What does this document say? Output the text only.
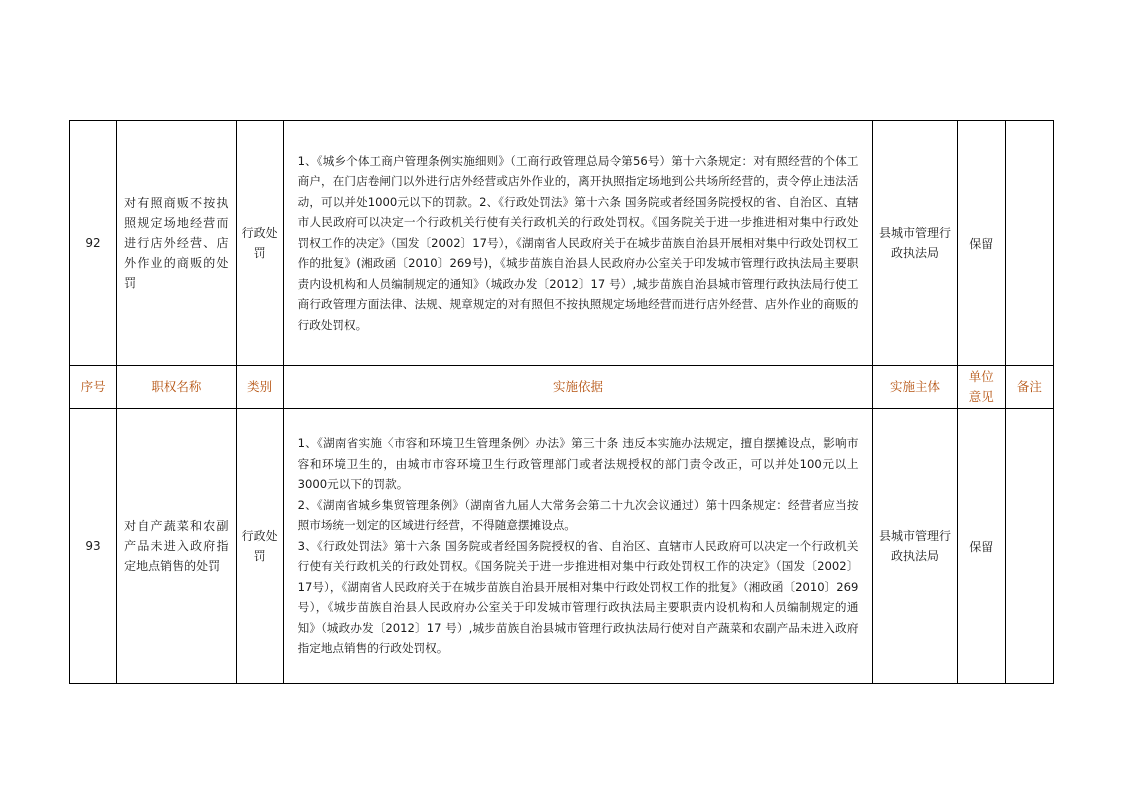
92	对有照商贩不按执照规定场地经营而进行店外经营、店外作业的商贩的处罚	行政处罚	1、《城乡个体工商户管理条例实施细则》（工商行政管理总局令第56号）第十六条规定：对有照经营的个体工商户，在门店卷闸门以外进行店外经营或店外作业的，离开执照指定场地到公共场所经营的，责令停止违法活动，可以并处1000元以下的罚款。2、《行政处罚法》第十六条 国务院或者经国务院授权的省、自治区、直辖市人民政府可以决定一个行政机关行使有关行政机关的行政处罚权。《国务院关于进一步推进相对集中行政处罚权工作的决定》（国发〔2002〕17号），《湖南省人民政府关于在城步苗族自治县开展相对集中行政处罚权工作的批复》(湘政函〔2010〕269号)，《城步苗族自治县人民政府办公室关于印发城市管理行政执法局主要职责内设机构和人员编制规定的通知》（城政办发〔2012〕17 号）,城步苗族自治县城市管理行政执法局行使工商行政管理方面法律、法规、规章规定的对有照但不按执照规定场地经营而进行店外经营、店外作业的商贩的行政处罚权。	县城市管理行政执法局	保留	
序号	职权名称	类别	实施依据	实施主体	单位意见	备注
93	对自产蔬菜和农副产品未进入政府指定地点销售的处罚	行政处罚	1、《湖南省实施〈市容和环境卫生管理条例〉办法》第三十条 违反本实施办法规定，擅自摆摊设点，影响市容和环境卫生的，由城市市容环境卫生行政管理部门或者法规授权的部门责令改正，可以并处100元以上3000元以下的罚款。

2、《湖南省城乡集贸管理条例》（湖南省九届人大常务会第二十九次会议通过）第十四条规定：经营者应当按照市场统一划定的区域进行经营，不得随意摆摊设点。

3、《行政处罚法》第十六条 国务院或者经国务院授权的省、自治区、直辖市人民政府可以决定一个行政机关行使有关行政机关的行政处罚权。《国务院关于进一步推进相对集中行政处罚权工作的决定》（国发〔2002〕17号），《湖南省人民政府关于在城步苗族自治县开展相对集中行政处罚权工作的批复》（湘政函〔2010〕269 号），《城步苗族自治县人民政府办公室关于印发城市管理行政执法局主要职责内设机构和人员编制规定的通知》（城政办发〔2012〕17 号）,城步苗族自治县城市管理行政执法局行使对自产蔬菜和农副产品未进入政府指定地点销售的行政处罚权。	县城市管理行政执法局	保留	
